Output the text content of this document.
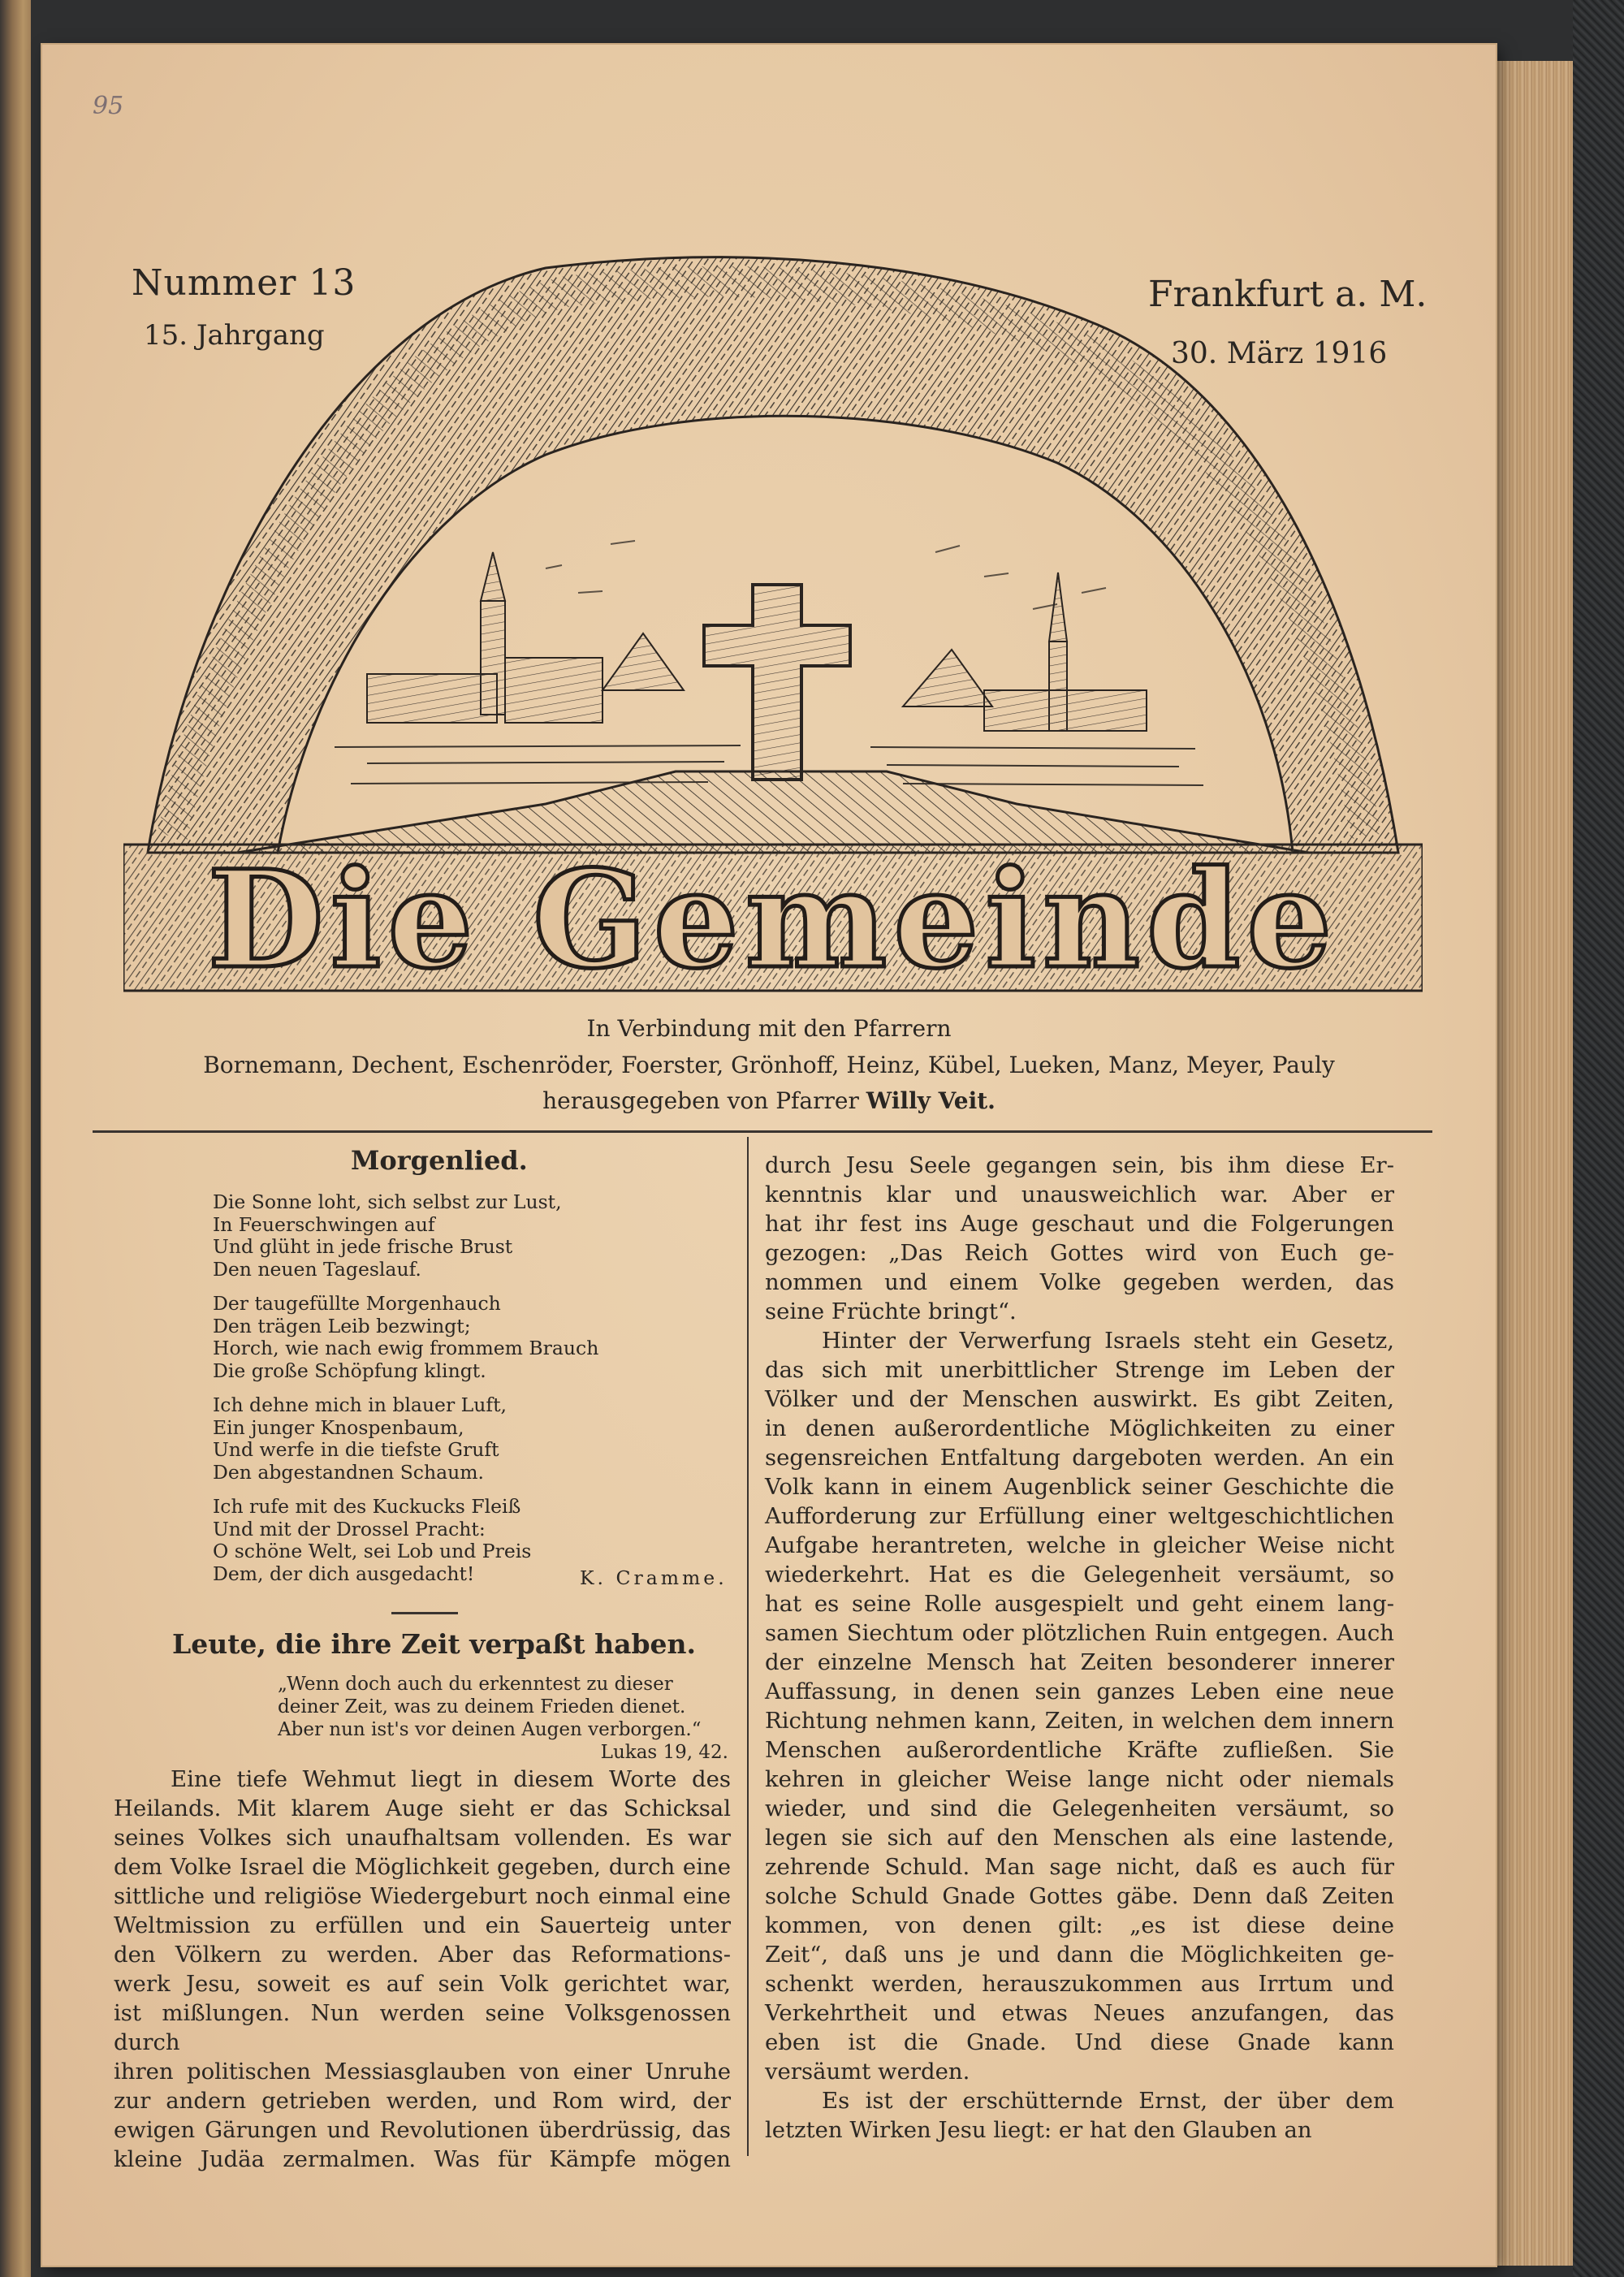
95
Nummer 13
15. Jahrgang
Frankfurt a. M.
30. März 1916
Die Gemeinde
In Verbindung mit den Pfarrern
Bornemann, Dechent, Eschenröder, Foerster, Grönhoff, Heinz, Kübel, Lueken, Manz, Meyer, Pauly
herausgegeben von Pfarrer Willy Veit.
Morgenlied.
Die Sonne loht, sich selbst zur Lust,
In Feuerschwingen auf
Und glüht in jede frische Brust
Den neuen Tageslauf.
Der taugefüllte Morgenhauch
Den trägen Leib bezwingt;
Horch, wie nach ewig frommem Brauch
Die große Schöpfung klingt.
Ich dehne mich in blauer Luft,
Ein junger Knospenbaum,
Und werfe in die tiefste Gruft
Den abgestandnen Schaum.
Ich rufe mit des Kuckucks Fleiß
Und mit der Drossel Pracht:
O schöne Welt, sei Lob und Preis
Dem, der dich ausgedacht!	K. Cramme.
Leute, die ihre Zeit verpaßt haben.
„Wenn doch auch du erkenntest zu dieser
deiner Zeit, was zu deinem Frieden dienet.
Aber nun ist's vor deinen Augen verborgen.“
Lukas 19, 42.

Eine tiefe Wehmut liegt in diesem Worte des

Heilands. Mit klarem Auge sieht er das Schicksal

seines Volkes sich unaufhaltsam vollenden. Es war

dem Volke Israel die Möglichkeit gegeben, durch eine

sittliche und religiöse Wiedergeburt noch einmal eine

Weltmission zu erfüllen und ein Sauerteig unter

den Völkern zu werden. Aber das Reformations-

werk Jesu, soweit es auf sein Volk gerichtet war,

ist mißlungen. Nun werden seine Volksgenossen durch

ihren politischen Messiasglauben von einer Unruhe

zur andern getrieben werden, und Rom wird, der

ewigen Gärungen und Revolutionen überdrüssig, das

kleine Judäa zermalmen. Was für Kämpfe mögen

durch Jesu Seele gegangen sein, bis ihm diese Er-

kenntnis klar und unausweichlich war. Aber er

hat ihr fest ins Auge geschaut und die Folgerungen

gezogen: „Das Reich Gottes wird von Euch ge-

nommen und einem Volke gegeben werden, das

seine Früchte bringt“.

Hinter der Verwerfung Israels steht ein Gesetz,

das sich mit unerbittlicher Strenge im Leben der

Völker und der Menschen auswirkt. Es gibt Zeiten,

in denen außerordentliche Möglichkeiten zu einer

segensreichen Entfaltung dargeboten werden. An ein

Volk kann in einem Augenblick seiner Geschichte die

Aufforderung zur Erfüllung einer weltgeschichtlichen

Aufgabe herantreten, welche in gleicher Weise nicht

wiederkehrt. Hat es die Gelegenheit versäumt, so

hat es seine Rolle ausgespielt und geht einem lang-

samen Siechtum oder plötzlichen Ruin entgegen. Auch

der einzelne Mensch hat Zeiten besonderer innerer

Auffassung, in denen sein ganzes Leben eine neue

Richtung nehmen kann, Zeiten, in welchen dem innern

Menschen außerordentliche Kräfte zufließen. Sie

kehren in gleicher Weise lange nicht oder niemals

wieder, und sind die Gelegenheiten versäumt, so

legen sie sich auf den Menschen als eine lastende,

zehrende Schuld. Man sage nicht, daß es auch für

solche Schuld Gnade Gottes gäbe. Denn daß Zeiten

kommen, von denen gilt: „es ist diese deine

Zeit“, daß uns je und dann die Möglichkeiten ge-

schenkt werden, herauszukommen aus Irrtum und

Verkehrtheit und etwas Neues anzufangen, das

eben ist die Gnade. Und diese Gnade kann

versäumt werden.

Es ist der erschütternde Ernst, der über dem

letzten Wirken Jesu liegt: er hat den Glauben an
